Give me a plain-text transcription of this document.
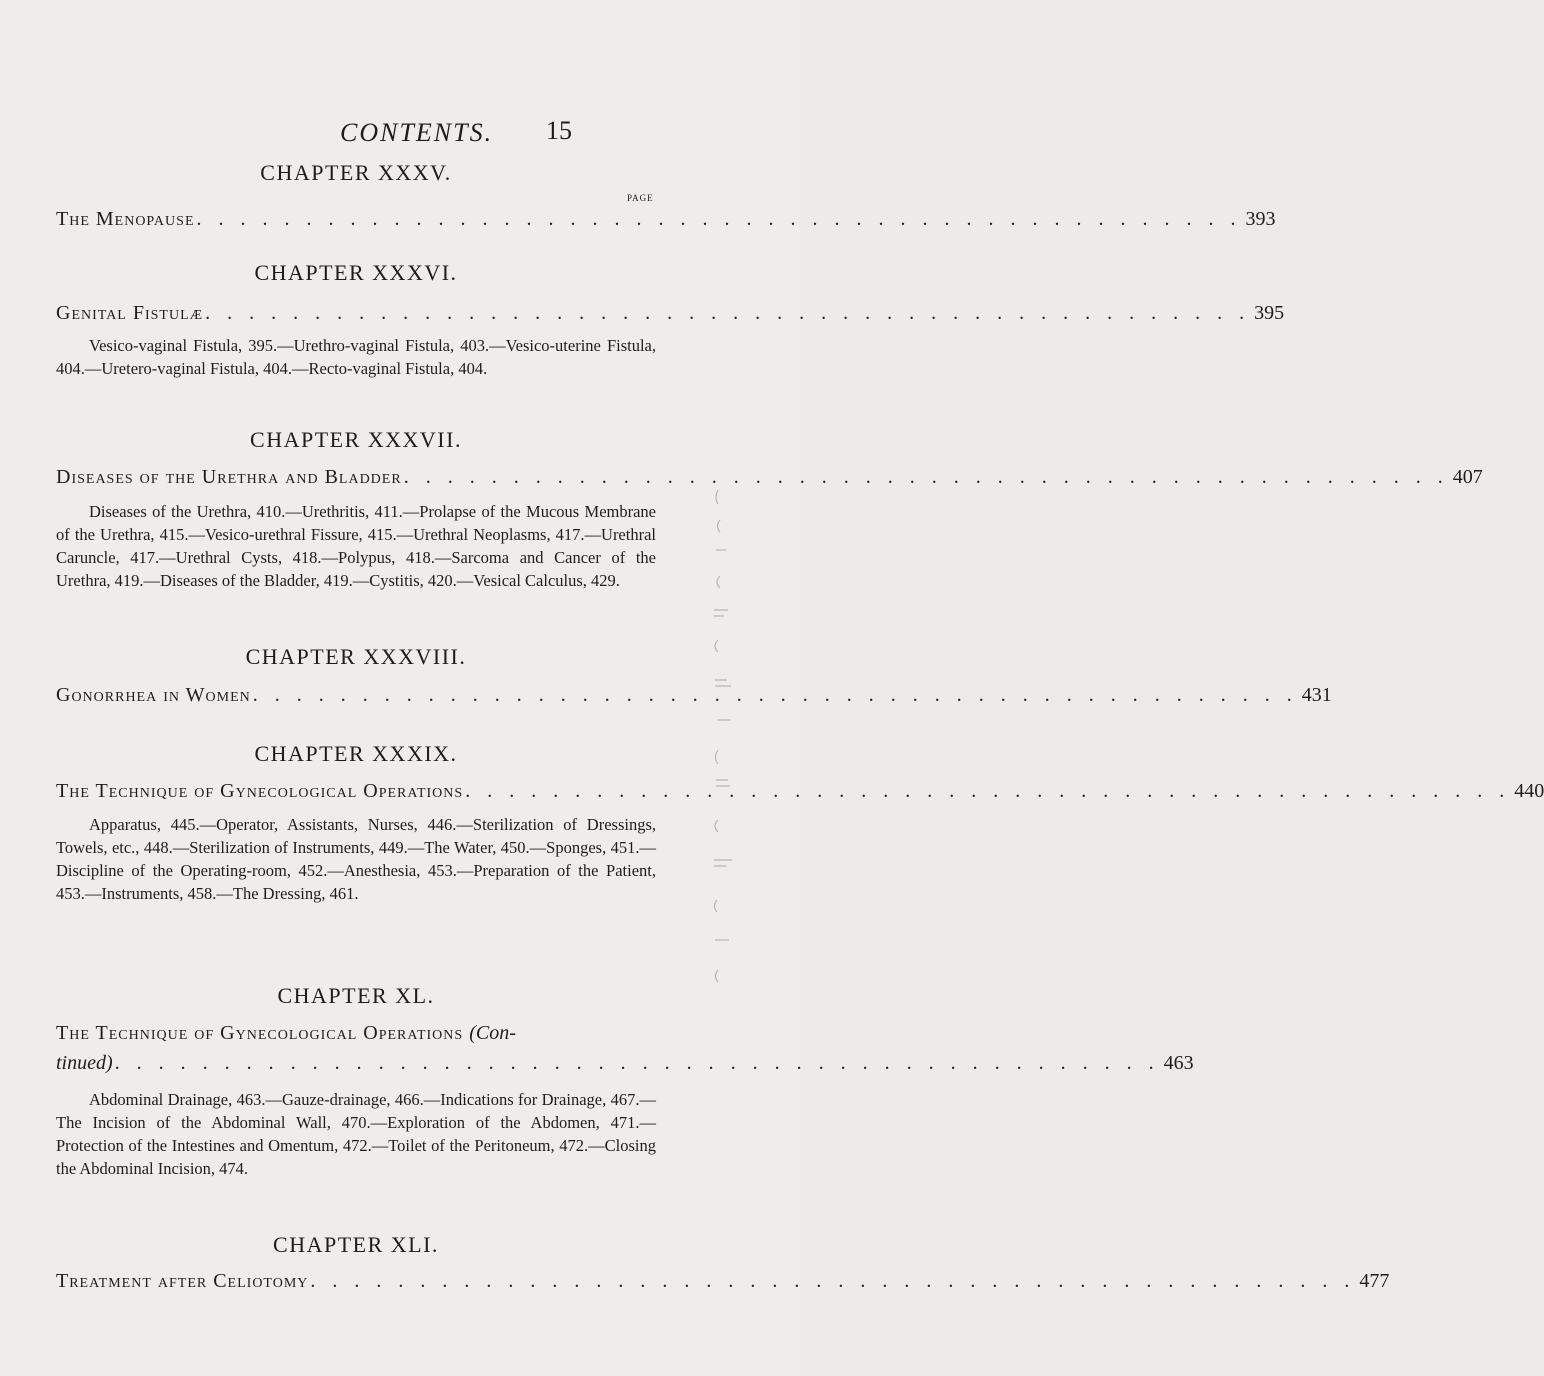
CONTENTS. 15
CHAPTER XXXV.
PAGE
The Menopause . . . . . . . . . . . . . . . . . . . . . . . . . . . . . . . . . . . . . . . . . . . . . . . . 393
CHAPTER XXXVI.
Genital Fistulæ . . . . . . . . . . . . . . . . . . . . . . . . . . . . . . . . . . . . . . . . . . . . . . . . 395
Vesico-vaginal Fistula, 395.—Urethro-vaginal Fistula, 403.—Vesico-uterine Fistula, 404.—Uretero-vaginal Fistula, 404.—Recto-vaginal Fistula, 404.
CHAPTER XXXVII.
Diseases of the Urethra and Bladder . . . . . . . . . . . . . . . . . . . . . . . . . . . . . . . . . . . . . . . . . . . . . . . . 407
Diseases of the Urethra, 410.—Urethritis, 411.—Prolapse of the Mucous Membrane of the Urethra, 415.—Vesico-urethral Fissure, 415.—Urethral Neoplasms, 417.—Urethral Caruncle, 417.—Urethral Cysts, 418.—Polypus, 418.—Sarcoma and Cancer of the Urethra, 419.—Diseases of the Bladder, 419.—Cystitis, 420.—Vesical Calculus, 429.
CHAPTER XXXVIII.
Gonorrhea in Women . . . . . . . . . . . . . . . . . . . . . . . . . . . . . . . . . . . . . . . . . . . . . . . . 431
CHAPTER XXXIX.
The Technique of Gynecological Operations . . . . . . . . . . . . . . . . . . . . . . . . . . . . . . . . . . . . . . . . . . . . . . . . 440
Apparatus, 445.—Operator, Assistants, Nurses, 446.—Sterilization of Dressings, Towels, etc., 448.—Sterilization of Instruments, 449.—The Water, 450.—Sponges, 451.—Discipline of the Operating-room, 452.—Anesthesia, 453.—Preparation of the Patient, 453.—Instruments, 458.—The Dressing, 461.
CHAPTER XL.
The Technique of Gynecological Operations (Con-
tinued) . . . . . . . . . . . . . . . . . . . . . . . . . . . . . . . . . . . . . . . . . . . . . . . . 463
Abdominal Drainage, 463.—Gauze-drainage, 466.—Indications for Drainage, 467.—The Incision of the Abdominal Wall, 470.—Exploration of the Abdomen, 471.—Protection of the Intestines and Omentum, 472.—Toilet of the Peritoneum, 472.—Closing the Abdominal Incision, 474.
CHAPTER XLI.
Treatment after Celiotomy . . . . . . . . . . . . . . . . . . . . . . . . . . . . . . . . . . . . . . . . . . . . . . . . 477
